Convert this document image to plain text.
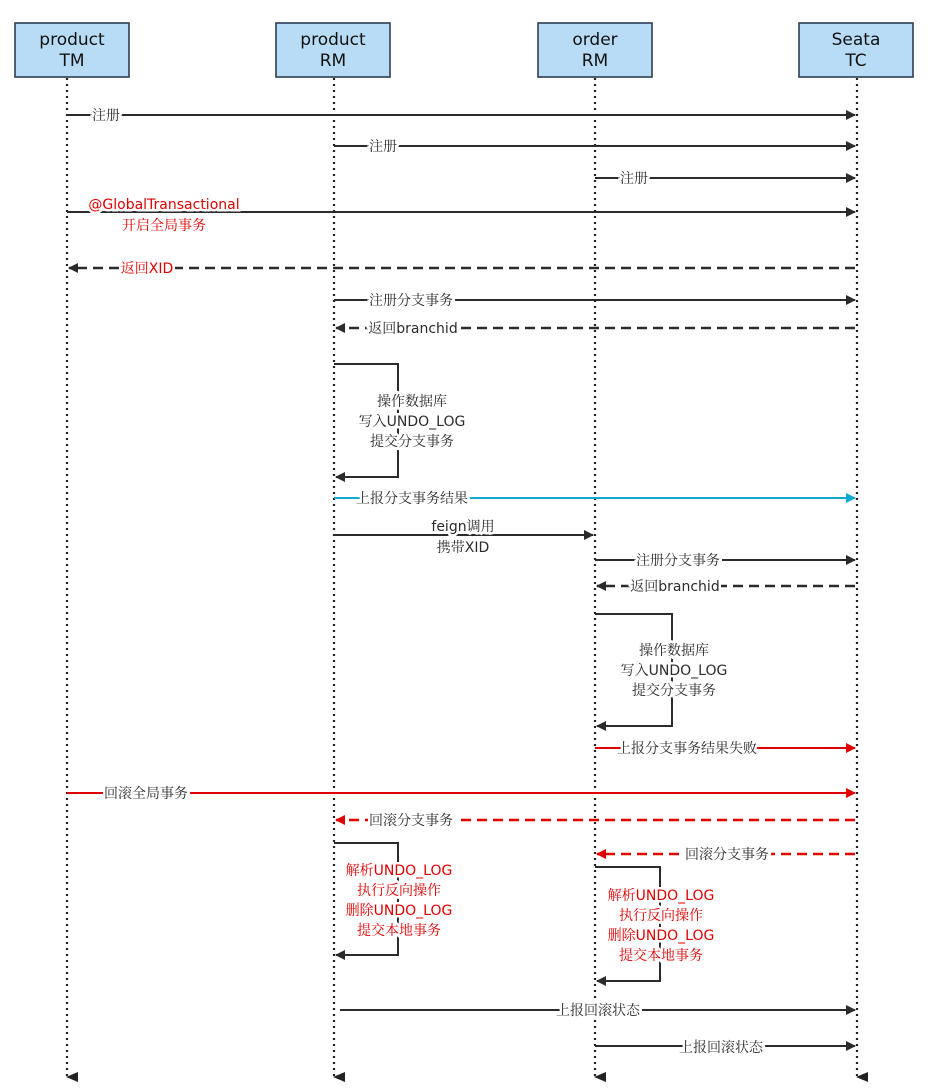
product
TM
product
RM
order
RM
Seata
TC
注册
注册
注册
@GlobalTransactional
开启全局事务
返回XID
注册分支事务
返回branchid
操作数据库
写入UNDO_LOG
提交分支事务
上报分支事务结果
feign调用
携带XID
注册分支事务
返回branchid
操作数据库
写入UNDO_LOG
提交分支事务
上报分支事务结果失败
回滚全局事务
回滚分支事务
回滚分支事务
解析UNDO_LOG
执行反向操作
删除UNDO_LOG
提交本地事务
解析UNDO_LOG
执行反向操作
删除UNDO_LOG
提交本地事务
上报回滚状态
上报回滚状态
